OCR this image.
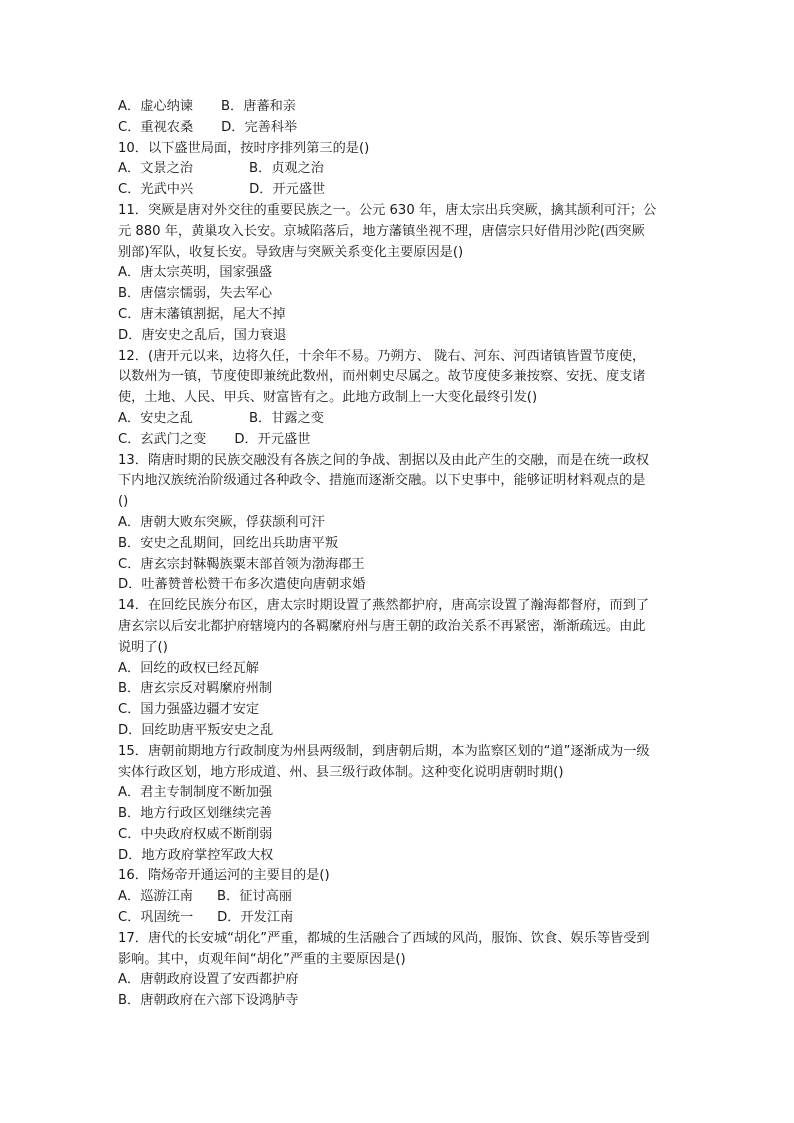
A．虚心纳谏 B．唐蕃和亲
C．重视农桑 D．完善科举
10．以下盛世局面，按时序排列第三的是()
A．文景之治	B．贞观之治
C．光武中兴	D．开元盛世
11．突厥是唐对外交往的重要民族之一。公元 630 年，唐太宗出兵突厥，擒其颉利可汗；公
元 880 年，黄巢攻入长安。京城陷落后，地方藩镇坐视不理，唐僖宗只好借用沙陀(西突厥
别部)军队，收复长安。导致唐与突厥关系变化主要原因是()
A．唐太宗英明，国家强盛
B．唐僖宗懦弱，失去军心
C．唐末藩镇割据，尾大不掉
D．唐安史之乱后，国力衰退
12．(唐开元以来，边将久任，十余年不易。乃朔方、 陇右、河东、河西诸镇皆置节度使，
以数州为一镇，节度使即兼统此数州，而州刺史尽属之。故节度使多兼按察、安抚、度支诸
使，土地、人民、甲兵、财富皆有之。此地方政制上一大变化最终引发()
A．安史之乱	B．甘露之变
C．玄武门之变 D．开元盛世
13．隋唐时期的民族交融没有各族之间的争战、割据以及由此产生的交融，而是在统一政权
下内地汉族统治阶级通过各种政令、措施而逐渐交融。以下史事中，能够证明材料观点的是
()
A．唐朝大败东突厥，俘获颉利可汗
B．安史之乱期间，回纥出兵助唐平叛
C．唐玄宗封靺鞨族粟末部首领为渤海郡王
D．吐蕃赞普松赞干布多次遣使向唐朝求婚
14．在回纥民族分布区，唐太宗时期设置了燕然都护府，唐高宗设置了瀚海都督府，而到了
唐玄宗以后安北都护府辖境内的各羁縻府州与唐王朝的政治关系不再紧密，渐渐疏远。由此
说明了()
A．回纥的政权已经瓦解
B．唐玄宗反对羁縻府州制
C．国力强盛边疆才安定
D．回纥助唐平叛安史之乱
15．唐朝前期地方行政制度为州县两级制，到唐朝后期，本为监察区划的“道”逐渐成为一级
实体行政区划，地方形成道、州、县三级行政体制。这种变化说明唐朝时期()
A．君主专制制度不断加强
B．地方行政区划继续完善
C．中央政府权威不断削弱
D．地方政府掌控军政大权
16．隋炀帝开通运河的主要目的是()
A．巡游江南 B．征讨高丽
C．巩固统一 D．开发江南
17．唐代的长安城“胡化”严重，都城的生活融合了西域的风尚，服饰、饮食、娱乐等皆受到
影响。其中，贞观年间“胡化”严重的主要原因是()
A．唐朝政府设置了安西都护府
B．唐朝政府在六部下设鸿胪寺
